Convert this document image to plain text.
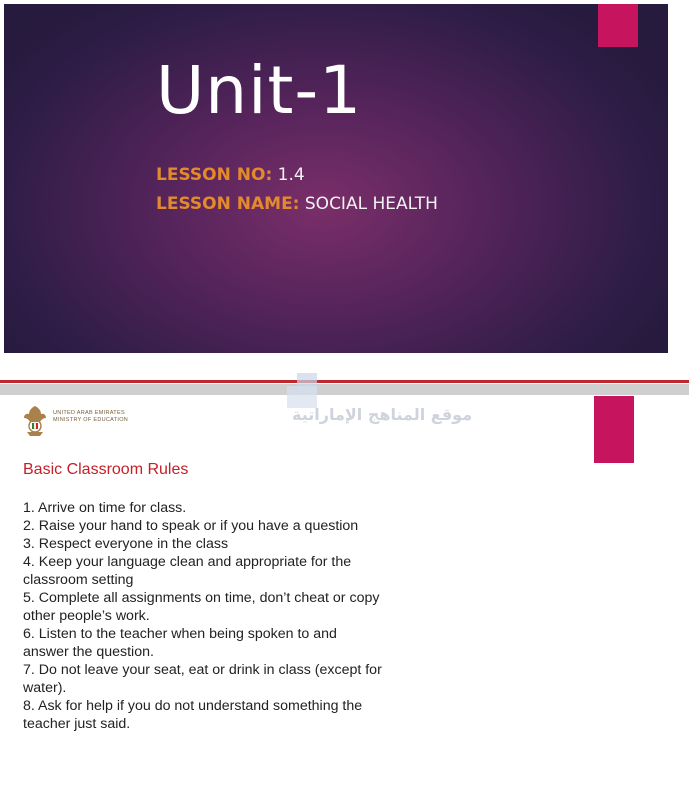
Unit-1
LESSON NO: 1.4
LESSON NAME: SOCIAL HEALTH
موقع المناهج الإماراتية
UNITED ARAB EMIRATES
MINISTRY OF EDUCATION
Basic Classroom Rules
1. Arrive on time for class.
2. Raise your hand to speak or if you have a question
3. Respect everyone in the class
4. Keep your language clean and appropriate for the classroom setting
5. Complete all assignments on time, don’t cheat or copy other people’s work.
6. Listen to the teacher when being spoken to and answer the question.
7. Do not leave your seat, eat or drink in class (except for water).
8. Ask for help if you do not understand something the teacher just said.
